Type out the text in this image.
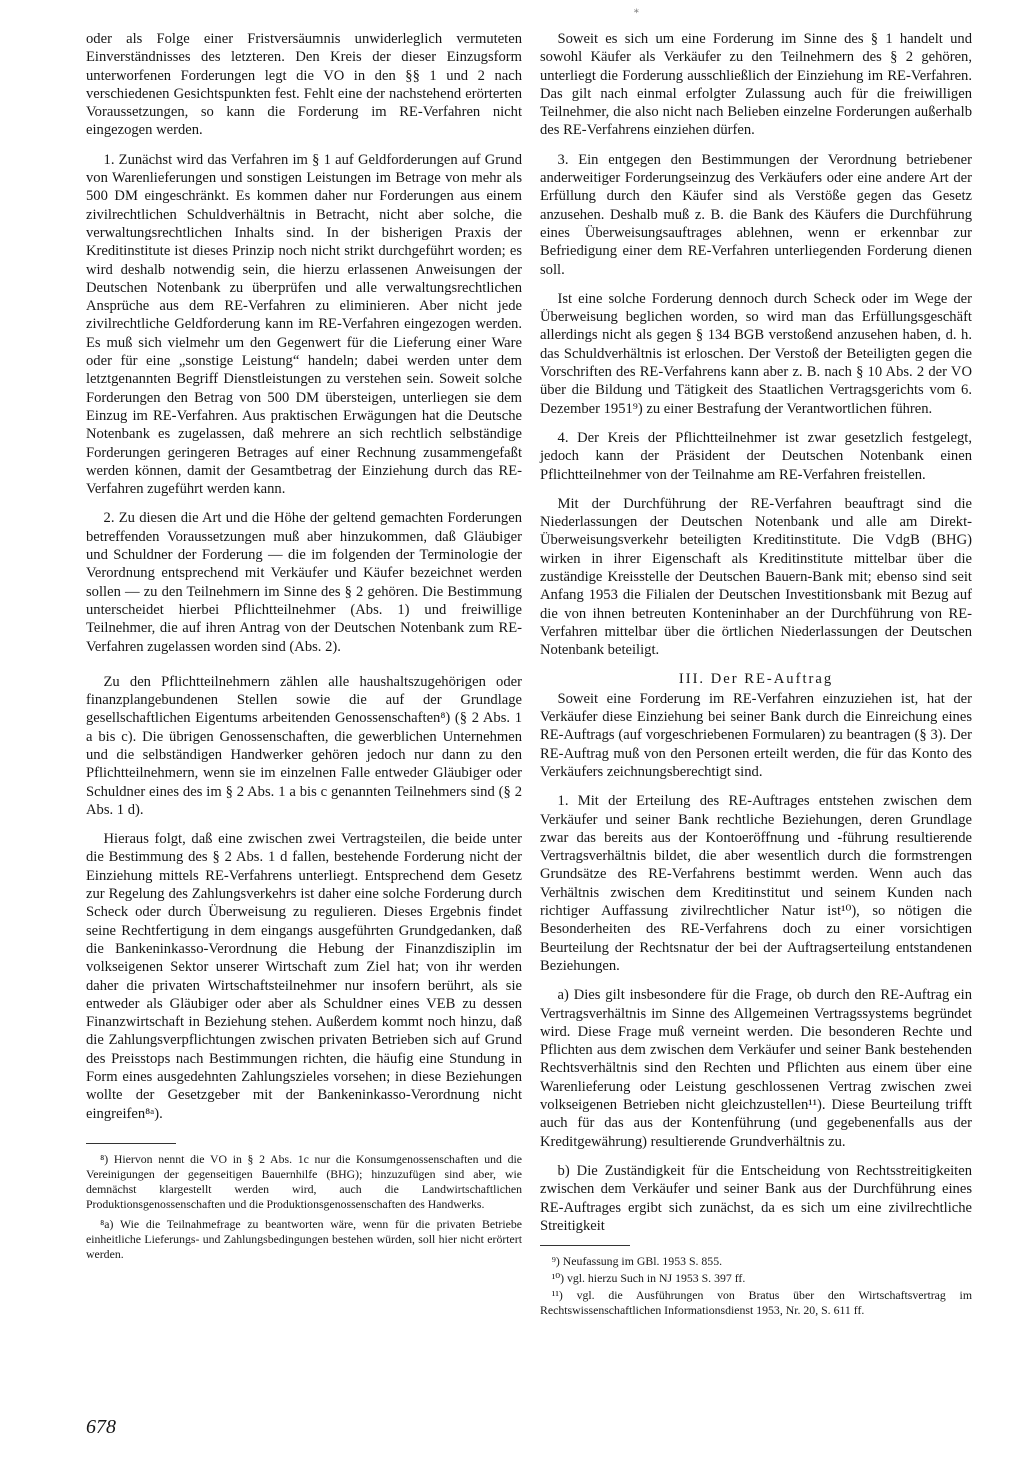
∗

oder als Folge einer Fristversäumnis unwiderleglich vermuteten Einverständnisses des letzteren. Den Kreis der dieser Einzugsform unterworfenen Forderungen legt die VO in den §§ 1 und 2 nach verschiedenen Gesichtspunkten fest. Fehlt eine der nachstehend erörterten Voraussetzungen, so kann die Forderung im RE-Verfahren nicht eingezogen werden.

1. Zunächst wird das Verfahren im § 1 auf Geldforderungen auf Grund von Warenlieferungen und sonstigen Leistungen im Betrage von mehr als 500 DM eingeschränkt. Es kommen daher nur Forderungen aus einem zivilrechtlichen Schuldverhältnis in Betracht, nicht aber solche, die verwaltungsrechtlichen Inhalts sind. In der bisherigen Praxis der Kreditinstitute ist dieses Prinzip noch nicht strikt durchgeführt worden; es wird deshalb notwendig sein, die hierzu erlassenen Anweisungen der Deutschen Notenbank zu überprüfen und alle verwaltungsrechtlichen Ansprüche aus dem RE-Verfahren zu eliminieren. Aber nicht jede zivilrechtliche Geldforderung kann im RE-Verfahren eingezogen werden. Es muß sich vielmehr um den Gegenwert für die Lieferung einer Ware oder für eine „sonstige Leistung“ handeln; dabei werden unter dem letztgenannten Begriff Dienstleistungen zu verstehen sein. Soweit solche Forderungen den Betrag von 500 DM übersteigen, unterliegen sie dem Einzug im RE-Verfahren. Aus praktischen Erwägungen hat die Deutsche Notenbank es zugelassen, daß mehrere an sich rechtlich selbständige Forderungen geringeren Betrages auf einer Rechnung zusammengefaßt werden können, damit der Gesamtbetrag der Einziehung durch das RE-Verfahren zugeführt werden kann.

2. Zu diesen die Art und die Höhe der geltend gemachten Forderungen betreffenden Voraussetzungen muß aber hinzukommen, daß Gläubiger und Schuldner der Forderung — die im folgenden der Terminologie der Verordnung entsprechend mit Verkäufer und Käufer bezeichnet werden sollen — zu den Teilnehmern im Sinne des § 2 gehören. Die Bestimmung unterscheidet hierbei Pflichtteilnehmer (Abs. 1) und freiwillige Teilnehmer, die auf ihren Antrag von der Deutschen Notenbank zum RE-Verfahren zugelassen worden sind (Abs. 2).

Zu den Pflichtteilnehmern zählen alle haushaltszugehörigen oder finanzplangebundenen Stellen sowie die auf der Grundlage gesellschaftlichen Eigentums arbeitenden Genossenschaften⁸) (§ 2 Abs. 1 a bis c). Die übrigen Genossenschaften, die gewerblichen Unternehmen und die selbständigen Handwerker gehören jedoch nur dann zu den Pflichtteilnehmern, wenn sie im einzelnen Falle entweder Gläubiger oder Schuldner eines des im § 2 Abs. 1 a bis c genannten Teilnehmers sind (§ 2 Abs. 1 d).

Hieraus folgt, daß eine zwischen zwei Vertragsteilen, die beide unter die Bestimmung des § 2 Abs. 1 d fallen, bestehende Forderung nicht der Einziehung mittels RE-Verfahrens unterliegt. Entsprechend dem Gesetz zur Regelung des Zahlungsverkehrs ist daher eine solche Forderung durch Scheck oder durch Überweisung zu regulieren. Dieses Ergebnis findet seine Rechtfertigung in dem eingangs ausgeführten Grundgedanken, daß die Bankeninkasso-Verordnung die Hebung der Finanzdisziplin im volkseigenen Sektor unserer Wirtschaft zum Ziel hat; von ihr werden daher die privaten Wirtschaftsteilnehmer nur insofern berührt, als sie entweder als Gläubiger oder aber als Schuldner eines VEB zu dessen Finanzwirtschaft in Beziehung stehen. Außerdem kommt noch hinzu, daß die Zahlungsverpflichtungen zwischen privaten Betrieben sich auf Grund des Preisstops nach Bestimmungen richten, die häufig eine Stundung in Form eines ausgedehnten Zahlungszieles vorsehen; in diese Beziehungen wollte der Gesetzgeber mit der Bankeninkasso-Verordnung nicht eingreifen⁸ᵃ).

⁸) Hiervon nennt die VO in § 2 Abs. 1c nur die Konsumgenossenschaften und die Vereinigungen der gegenseitigen Bauernhilfe (BHG); hinzuzufügen sind aber, wie demnächst klargestellt werden wird, auch die Landwirtschaftlichen Produktionsgenossenschaften und die Produktionsgenossenschaften des Handwerks.

⁸a) Wie die Teilnahmefrage zu beantworten wäre, wenn für die privaten Betriebe einheitliche Lieferungs- und Zahlungsbedingungen bestehen würden, soll hier nicht erörtert werden.

Soweit es sich um eine Forderung im Sinne des § 1 handelt und sowohl Käufer als Verkäufer zu den Teilnehmern des § 2 gehören, unterliegt die Forderung ausschließlich der Einziehung im RE-Verfahren. Das gilt nach einmal erfolgter Zulassung auch für die freiwilligen Teilnehmer, die also nicht nach Belieben einzelne Forderungen außerhalb des RE-Verfahrens einziehen dürfen.

3. Ein entgegen den Bestimmungen der Verordnung betriebener anderweitiger Forderungseinzug des Verkäufers oder eine andere Art der Erfüllung durch den Käufer sind als Verstöße gegen das Gesetz anzusehen. Deshalb muß z. B. die Bank des Käufers die Durchführung eines Überweisungsauftrages ablehnen, wenn er erkennbar zur Befriedigung einer dem RE-Verfahren unterliegenden Forderung dienen soll.

Ist eine solche Forderung dennoch durch Scheck oder im Wege der Überweisung beglichen worden, so wird man das Erfüllungsgeschäft allerdings nicht als gegen § 134 BGB verstoßend anzusehen haben, d. h. das Schuldverhältnis ist erloschen. Der Verstoß der Beteiligten gegen die Vorschriften des RE-Verfahrens kann aber z. B. nach § 10 Abs. 2 der VO über die Bildung und Tätigkeit des Staatlichen Vertragsgerichts vom 6. Dezember 1951⁹) zu einer Bestrafung der Verantwortlichen führen.

4. Der Kreis der Pflichtteilnehmer ist zwar gesetzlich festgelegt, jedoch kann der Präsident der Deutschen Notenbank einen Pflichtteilnehmer von der Teilnahme am RE-Verfahren freistellen.

Mit der Durchführung der RE-Verfahren beauftragt sind die Niederlassungen der Deutschen Notenbank und alle am Direkt-Überweisungsverkehr beteiligten Kreditinstitute. Die VdgB (BHG) wirken in ihrer Eigenschaft als Kreditinstitute mittelbar über die zuständige Kreisstelle der Deutschen Bauern-Bank mit; ebenso sind seit Anfang 1953 die Filialen der Deutschen Investitionsbank mit Bezug auf die von ihnen betreuten Konteninhaber an der Durchführung von RE-Verfahren mittelbar über die örtlichen Niederlassungen der Deutschen Notenbank beteiligt.

III. Der RE-Auftrag

Soweit eine Forderung im RE-Verfahren einzuziehen ist, hat der Verkäufer diese Einziehung bei seiner Bank durch die Einreichung eines RE-Auftrags (auf vorgeschriebenen Formularen) zu beantragen (§ 3). Der RE-Auftrag muß von den Personen erteilt werden, die für das Konto des Verkäufers zeichnungsberechtigt sind.

1. Mit der Erteilung des RE-Auftrages entstehen zwischen dem Verkäufer und seiner Bank rechtliche Beziehungen, deren Grundlage zwar das bereits aus der Kontoeröffnung und -führung resultierende Vertragsverhältnis bildet, die aber wesentlich durch die formstrengen Grundsätze des RE-Verfahrens bestimmt werden. Wenn auch das Verhältnis zwischen dem Kreditinstitut und seinem Kunden nach richtiger Auffassung zivilrechtlicher Natur ist¹⁰), so nötigen die Besonderheiten des RE-Verfahrens doch zu einer vorsichtigen Beurteilung der Rechtsnatur der bei der Auftragserteilung entstandenen Beziehungen.

a) Dies gilt insbesondere für die Frage, ob durch den RE-Auftrag ein Vertragsverhältnis im Sinne des Allgemeinen Vertragssystems begründet wird. Diese Frage muß verneint werden. Die besonderen Rechte und Pflichten aus dem zwischen dem Verkäufer und seiner Bank bestehenden Rechtsverhältnis sind den Rechten und Pflichten aus einem über eine Warenlieferung oder Leistung geschlossenen Vertrag zwischen zwei volkseigenen Betrieben nicht gleichzustellen¹¹). Diese Beurteilung trifft auch für das aus der Kontenführung (und gegebenenfalls aus der Kreditgewährung) resultierende Grundverhältnis zu.

b) Die Zuständigkeit für die Entscheidung von Rechtsstreitigkeiten zwischen dem Verkäufer und seiner Bank aus der Durchführung eines RE-Auftrages ergibt sich zunächst, da es sich um eine zivilrechtliche Streitigkeit

⁹) Neufassung im GBl. 1953 S. 855.

¹⁰) vgl. hierzu Such in NJ 1953 S. 397 ff.

¹¹) vgl. die Ausführungen von Bratus über den Wirtschaftsvertrag im Rechtswissenschaftlichen Informationsdienst 1953, Nr. 20, S. 611 ff.

678
